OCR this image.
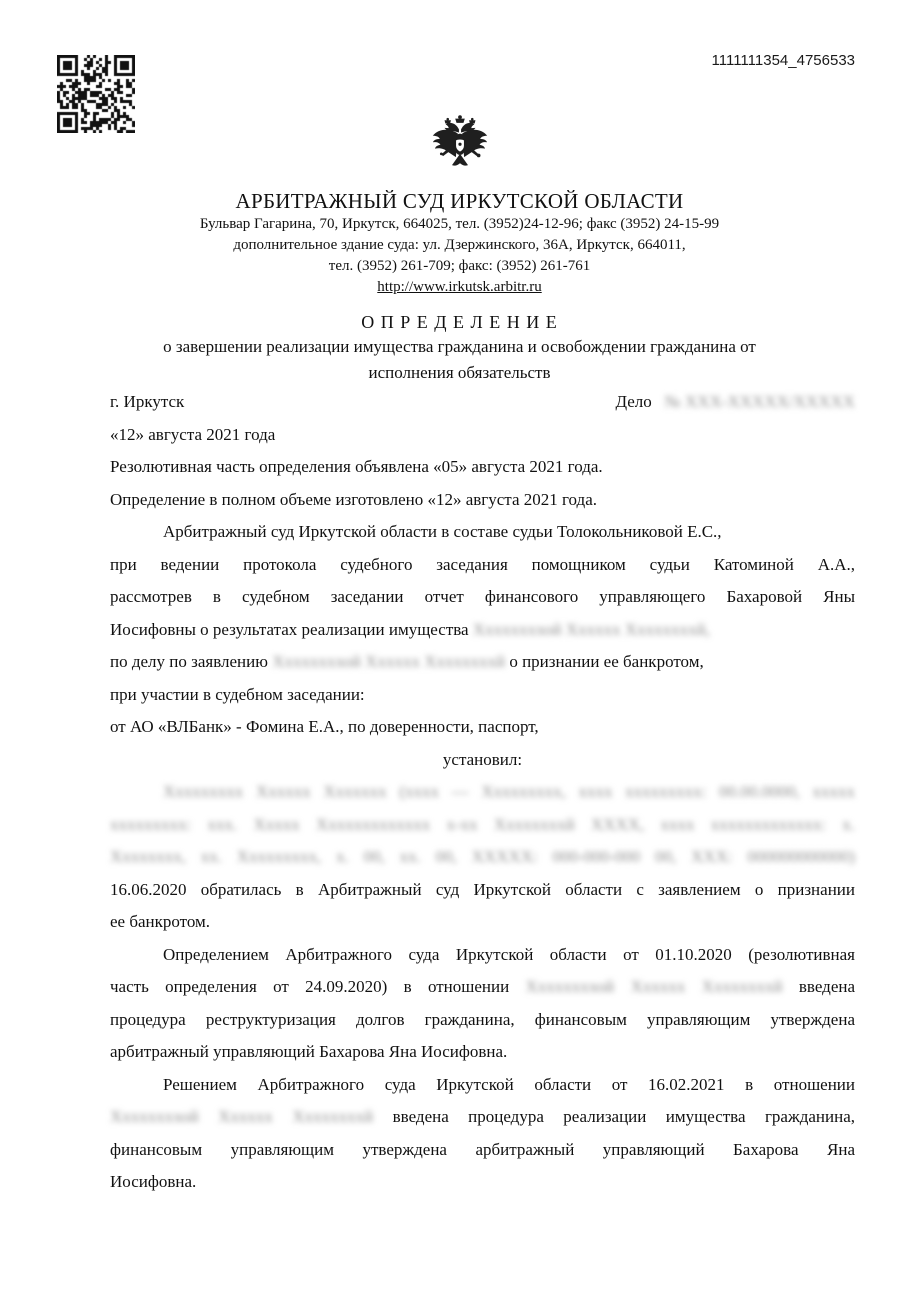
1111111354_4756533
АРБИТРАЖНЫЙ СУД ИРКУТСКОЙ ОБЛАСТИ
Бульвар Гагарина, 70, Иркутск, 664025, тел. (3952)24-12-96; факс (3952) 24-15-99
дополнительное здание суда: ул. Дзержинского, 36А, Иркутск, 664011,
тел. (3952) 261-709; факс: (3952) 261-761
http://www.irkutsk.arbitr.ru
О П Р Е Д Е Л Е Н И Е
о завершении реализации имущества гражданина и освобождении гражданина от
исполнения обязательств
г. Иркутск	Дело № ХХХ-ХХХХХ/ХХХХХ
«12» августа 2021 года
Резолютивная часть определения объявлена «05» августа 2021 года.
Определение в полном объеме изготовлено «12» августа 2021 года.
Арбитражный суд Иркутской области в составе судьи Толокольниковой Е.С.,
при ведении протокола судебного заседания помощником судьи Катоминой А.А.,
рассмотрев в судебном заседании отчет финансового управляющего Бахаровой Яны
Иосифовны о результатах реализации имущества Ххххххххой Хххххх Ххххххххй,
по делу по заявлению Ххххххххой Хххххх Ххххххххй о признании ее банкротом,
при участии в судебном заседании:
от АО «ВЛБанк» - Фомина Е.А., по доверенности, паспорт,
установил:
Ххххххххх Хххххх Ххххххх (хххх — Ххххххххх, хххх ххххххххх: 00.00.0000, ххххх
ххххххххх: ххх. Ххххх Ххххххххххххх х-хх Ххххххххй ХХХХ, хххх ххххххххххххх: х.
Хххххххх, хх. Ххххххххх, х. 00, хх. 00, ХХХХХ: 000-000-000 00, ХХХ: 000000000000)
16.06.2020 обратилась в Арбитражный суд Иркутской области с заявлением о признании
ее банкротом.
Определением Арбитражного суда Иркутской области от 01.10.2020 (резолютивная
часть определения от 24.09.2020) в отношении Ххххххххой Хххххх Ххххххххй введена
процедура реструктуризация долгов гражданина, финансовым управляющим утверждена
арбитражный управляющий Бахарова Яна Иосифовна.
Решением Арбитражного суда Иркутской области от 16.02.2021 в отношении
Ххххххххой Хххххх Ххххххххй введена процедура реализации имущества гражданина,
финансовым управляющим утверждена арбитражный управляющий Бахарова Яна
Иосифовна.
